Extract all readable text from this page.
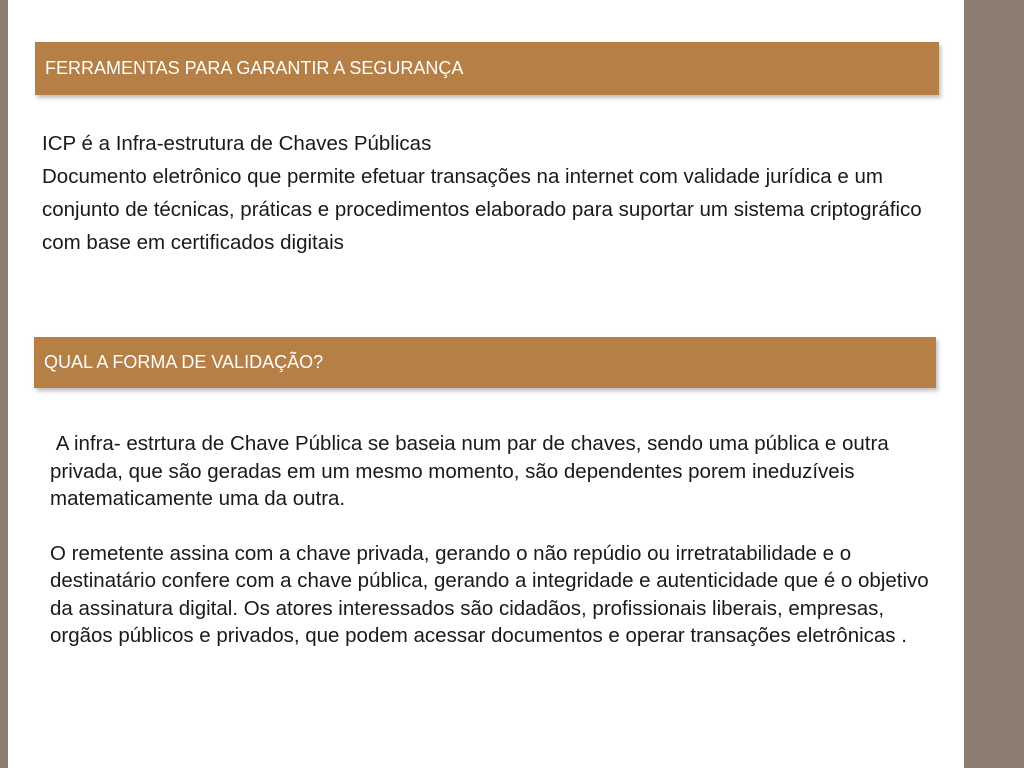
FERRAMENTAS PARA GARANTIR A SEGURANÇA

ICP é a Infra-estrutura de Chaves Públicas

Documento eletrônico que permite efetuar transações na internet com validade jurídica e um conjunto de técnicas, práticas e procedimentos elaborado para suportar um sistema criptográfico com base em certificados digitais

QUAL A FORMA DE VALIDAÇÃO?

A infra- estrtura de Chave Pública se baseia num par de chaves, sendo uma pública e outra privada, que são geradas em um mesmo momento, são dependentes porem ineduzíveis matematicamente uma da outra.

O remetente assina com a chave privada, gerando o não repúdio ou irretratabilidade e o destinatário confere com a chave pública, gerando a integridade e autenticidade que é o objetivo da assinatura digital. Os atores interessados são cidadãos, profissionais liberais, empresas, orgãos públicos e privados, que podem acessar documentos e operar transações eletrônicas .
